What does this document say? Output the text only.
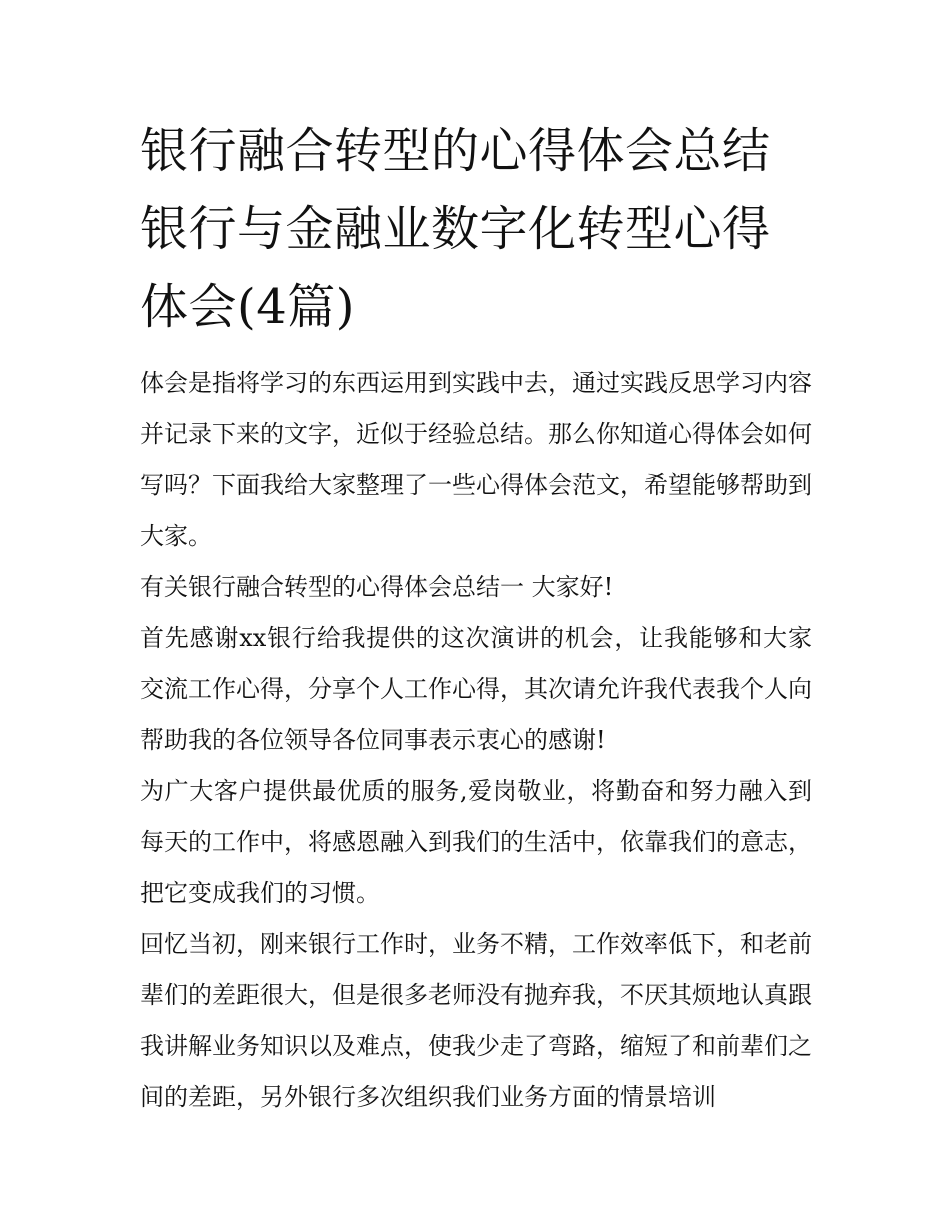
银行融合转型的心得体会总结银行与金融业数字化转型心得体会(4篇)

体会是指将学习的东西运用到实践中去，通过实践反思学习内容并记录下来的文字，近似于经验总结。那么你知道心得体会如何写吗？下面我给大家整理了一些心得体会范文，希望能够帮助到大家。

有关银行融合转型的心得体会总结一 大家好!

首先感谢xx银行给我提供的这次演讲的机会，让我能够和大家交流工作心得，分享个人工作心得，其次请允许我代表我个人向帮助我的各位领导各位同事表示衷心的感谢!

为广大客户提供最优质的服务,爱岗敬业，将勤奋和努力融入到每天的工作中，将感恩融入到我们的生活中，依靠我们的意志，把它变成我们的习惯。

回忆当初，刚来银行工作时，业务不精，工作效率低下，和老前辈们的差距很大，但是很多老师没有抛弃我，不厌其烦地认真跟我讲解业务知识以及难点，使我少走了弯路，缩短了和前辈们之间的差距，另外银行多次组织我们业务方面的情景培训
